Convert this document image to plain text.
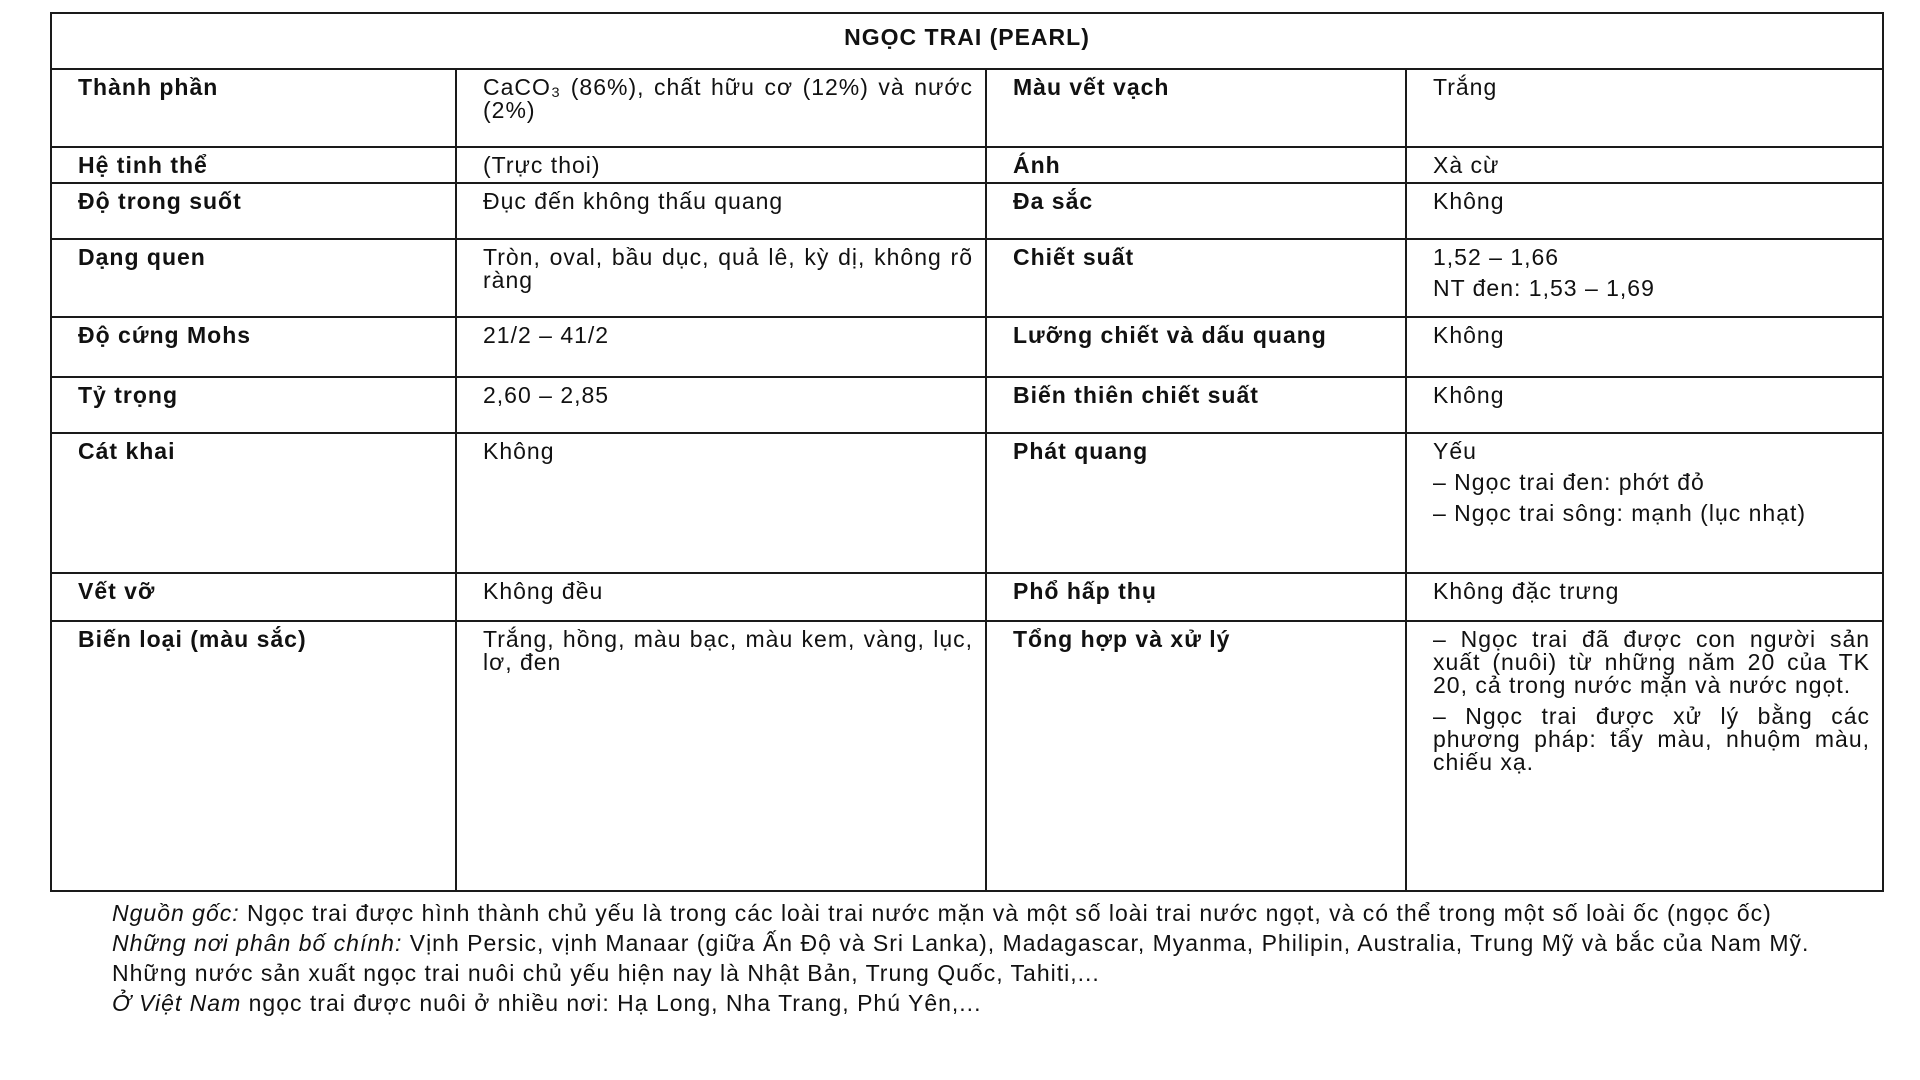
NGỌC TRAI (PEARL)			
Thành phần	CaCO₃ (86%), chất hữu cơ (12%) và nước (2%)	Màu vết vạch	Trắng

Hệ tinh thể	(Trực thoi)	Ánh	Xà cừ

Độ trong suốt	Đục đến không thấu quang	Đa sắc	Không

Dạng quen	Tròn, oval, bầu dục, quả lê, kỳ dị, không rõ ràng	Chiết suất	1,52 – 1,66
NT đen: 1,53 – 1,69

Độ cứng Mohs	21/2 – 41/2	Lưỡng chiết và dấu quang	Không

Tỷ trọng	2,60 – 2,85	Biến thiên chiết suất	Không

Cát khai	Không	Phát quang	Yếu
– Ngọc trai đen: phớt đỏ
– Ngọc trai sông: mạnh (lục nhạt)

Vết vỡ	Không đều	Phổ hấp thụ	Không đặc trưng

Biến loại (màu sắc)	Trắng, hồng, màu bạc, màu kem, vàng, lục, lơ, đen	Tổng hợp và xử lý	– Ngọc trai đã được con người sản xuất (nuôi) từ những năm 20 của TK 20, cả trong nước mặn và nước ngọt.
– Ngọc trai được xử lý bằng các phương pháp: tẩy màu, nhuộm màu, chiếu xạ.

Nguồn gốc: Ngọc trai được hình thành chủ yếu là trong các loài trai nước mặn và một số loài trai nước ngọt, và có thể trong một số loài ốc (ngọc ốc)

Những nơi phân bố chính: Vịnh Persic, vịnh Manaar (giữa Ấn Độ và Sri Lanka), Madagascar, Myanma, Philipin, Australia, Trung Mỹ và bắc của Nam Mỹ.

Những nước sản xuất ngọc trai nuôi chủ yếu hiện nay là Nhật Bản, Trung Quốc, Tahiti,...

Ở Việt Nam ngọc trai được nuôi ở nhiều nơi: Hạ Long, Nha Trang, Phú Yên,...
